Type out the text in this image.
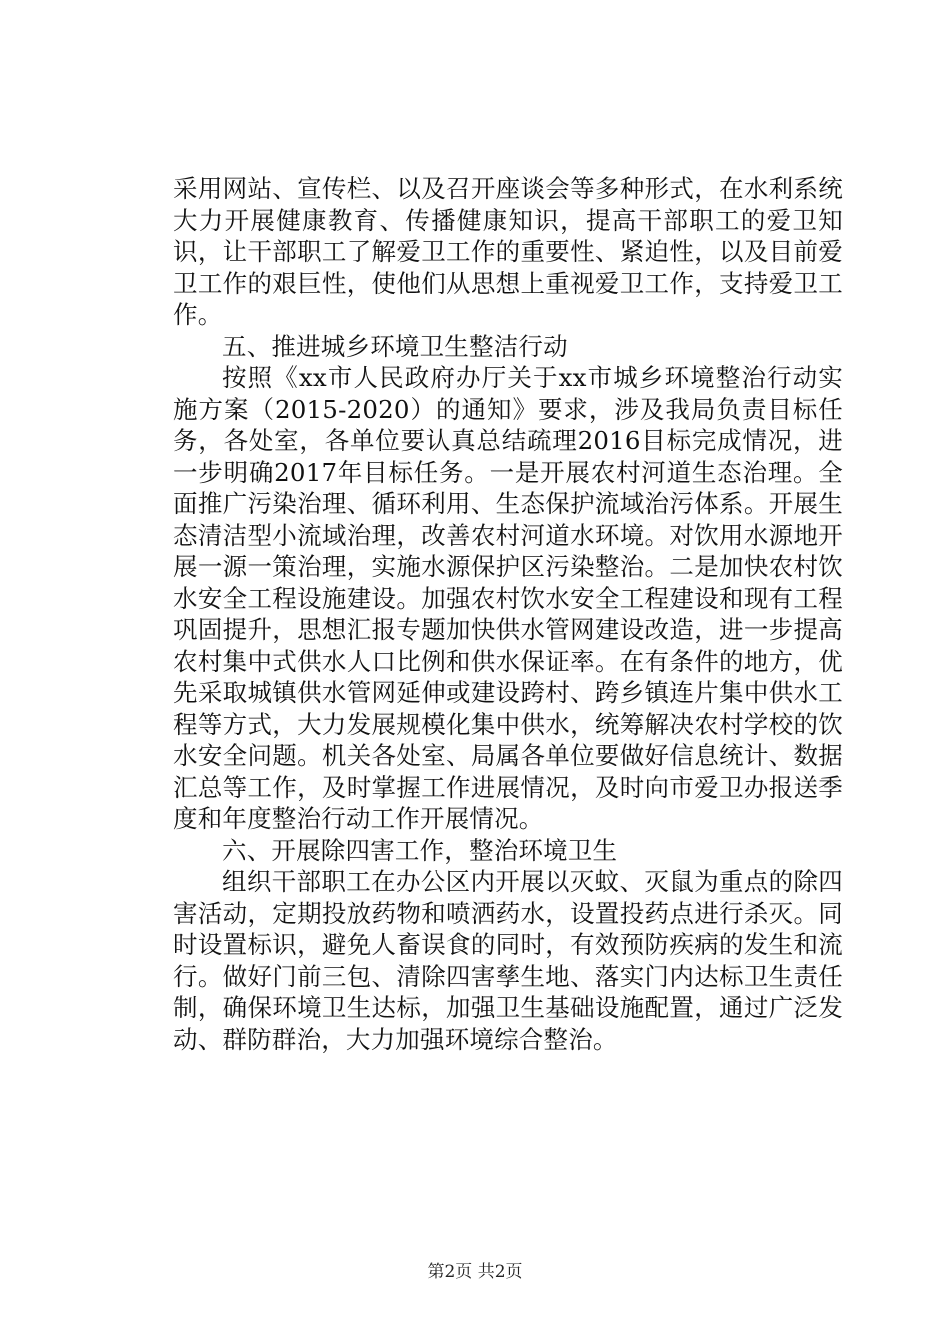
采用网站、宣传栏、以及召开座谈会等多种形式，在水利系统大力开展健康教育、传播健康知识，提高干部职工的爱卫知识，让干部职工了解爱卫工作的重要性、紧迫性，以及目前爱卫工作的艰巨性，使他们从思想上重视爱卫工作，支持爱卫工作。

五、推进城乡环境卫生整洁行动

按照《xx市人民政府办厅关于xx市城乡环境整治行动实施方案（2015-2020）的通知》要求，涉及我局负责目标任务，各处室，各单位要认真总结疏理2016目标完成情况，进一步明确2017年目标任务。一是开展农村河道生态治理。全面推广污染治理、循环利用、生态保护流域治污体系。开展生态清洁型小流域治理，改善农村河道水环境。对饮用水源地开展一源一策治理，实施水源保护区污染整治。二是加快农村饮水安全工程设施建设。加强农村饮水安全工程建设和现有工程巩固提升，思想汇报专题加快供水管网建设改造，进一步提高农村集中式供水人口比例和供水保证率。在有条件的地方，优先采取城镇供水管网延伸或建设跨村、跨乡镇连片集中供水工程等方式，大力发展规模化集中供水，统筹解决农村学校的饮水安全问题。机关各处室、局属各单位要做好信息统计、数据汇总等工作，及时掌握工作进展情况，及时向市爱卫办报送季度和年度整治行动工作开展情况。

六、开展除四害工作，整治环境卫生

组织干部职工在办公区内开展以灭蚊、灭鼠为重点的除四害活动，定期投放药物和喷洒药水，设置投药点进行杀灭。同时设置标识，避免人畜误食的同时，有效预防疾病的发生和流行。做好门前三包、清除四害孳生地、落实门内达标卫生责任制，确保环境卫生达标，加强卫生基础设施配置，通过广泛发动、群防群治，大力加强环境综合整治。

第2页 共2页
